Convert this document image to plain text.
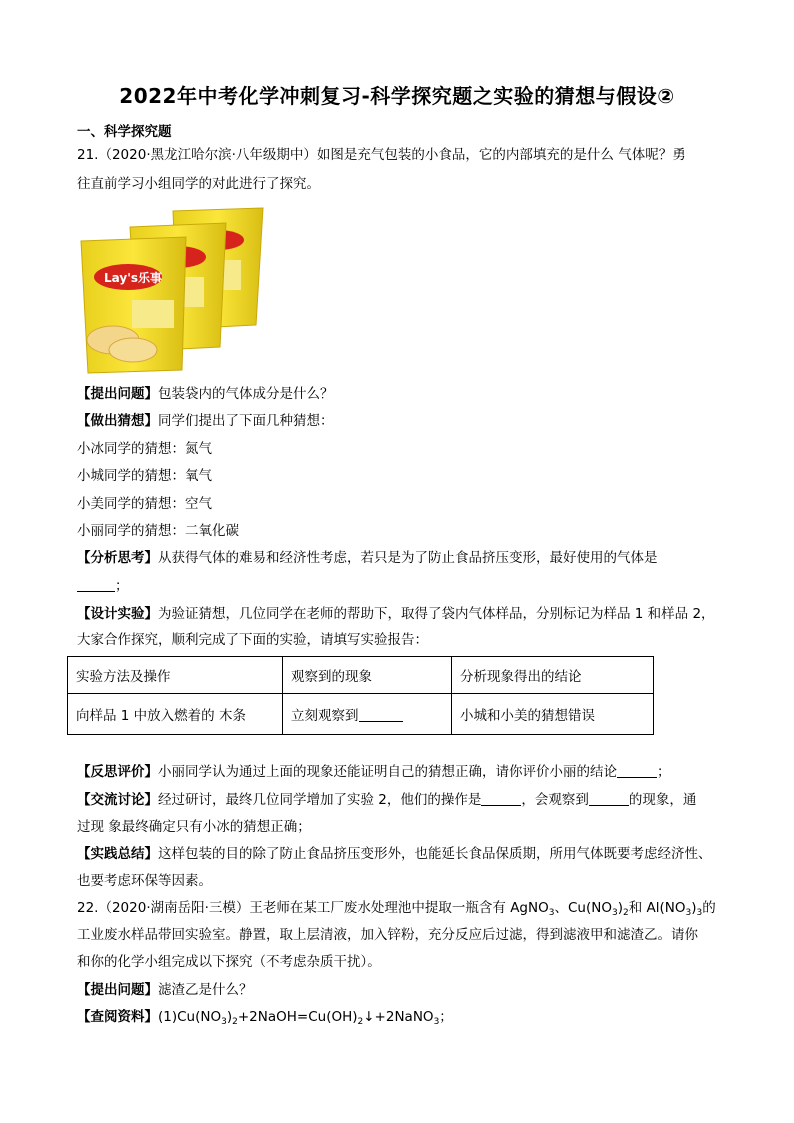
2022年中考化学冲刺复习-科学探究题之实验的猜想与假设②
一、科学探究题
21.（2020·黑龙江哈尔滨·八年级期中）如图是充气包装的小食品，它的内部填充的是什么 气体呢？勇
往直前学习小组同学的对此进行了探究。
Lay's乐事
【提出问题】包装袋内的气体成分是什么？
【做出猜想】同学们提出了下面几种猜想：
小冰同学的猜想：氮气
小城同学的猜想：氧气
小美同学的猜想：空气
小丽同学的猜想：二氧化碳
【分析思考】从获得气体的难易和经济性考虑，若只是为了防止食品挤压变形，最好使用的气体是
；
【设计实验】为验证猜想，几位同学在老师的帮助下，取得了袋内气体样品，分别标记为样品 1 和样品 2，
大家合作探究，顺利完成了下面的实验，请填写实验报告：
实验方法及操作	观察到的现象	分析现象得出的结论
向样品 1 中放入燃着的 木条	立刻观察到	小城和小美的猜想错误
【反思评价】小丽同学认为通过上面的现象还能证明自己的猜想正确，请你评价小丽的结论	；
【交流讨论】经过研讨，最终几位同学增加了实验 2，他们的操作是	，会观察到	的现象，通
过现 象最终确定只有小冰的猜想正确；
【实践总结】这样包装的目的除了防止食品挤压变形外，也能延长食品保质期，所用气体既要考虑经济性、
也要考虑环保等因素。
22.（2020·湖南岳阳·三模）王老师在某工厂废水处理池中提取一瓶含有 AgNO$_3$、$Cu(NO_3)_2$和 $Al(NO_3)_3$的
工业废水样品带回实验室。静置，取上层清液，加入锌粉，充分反应后过滤，得到滤液甲和滤渣乙。请你
和你的化学小组完成以下探究（不考虑杂质干扰）。
【提出问题】滤渣乙是什么？
【查阅资料】$(1)Cu(NO_3)_2+2NaOH=Cu(OH)_2↓+2NaNO_3$；
